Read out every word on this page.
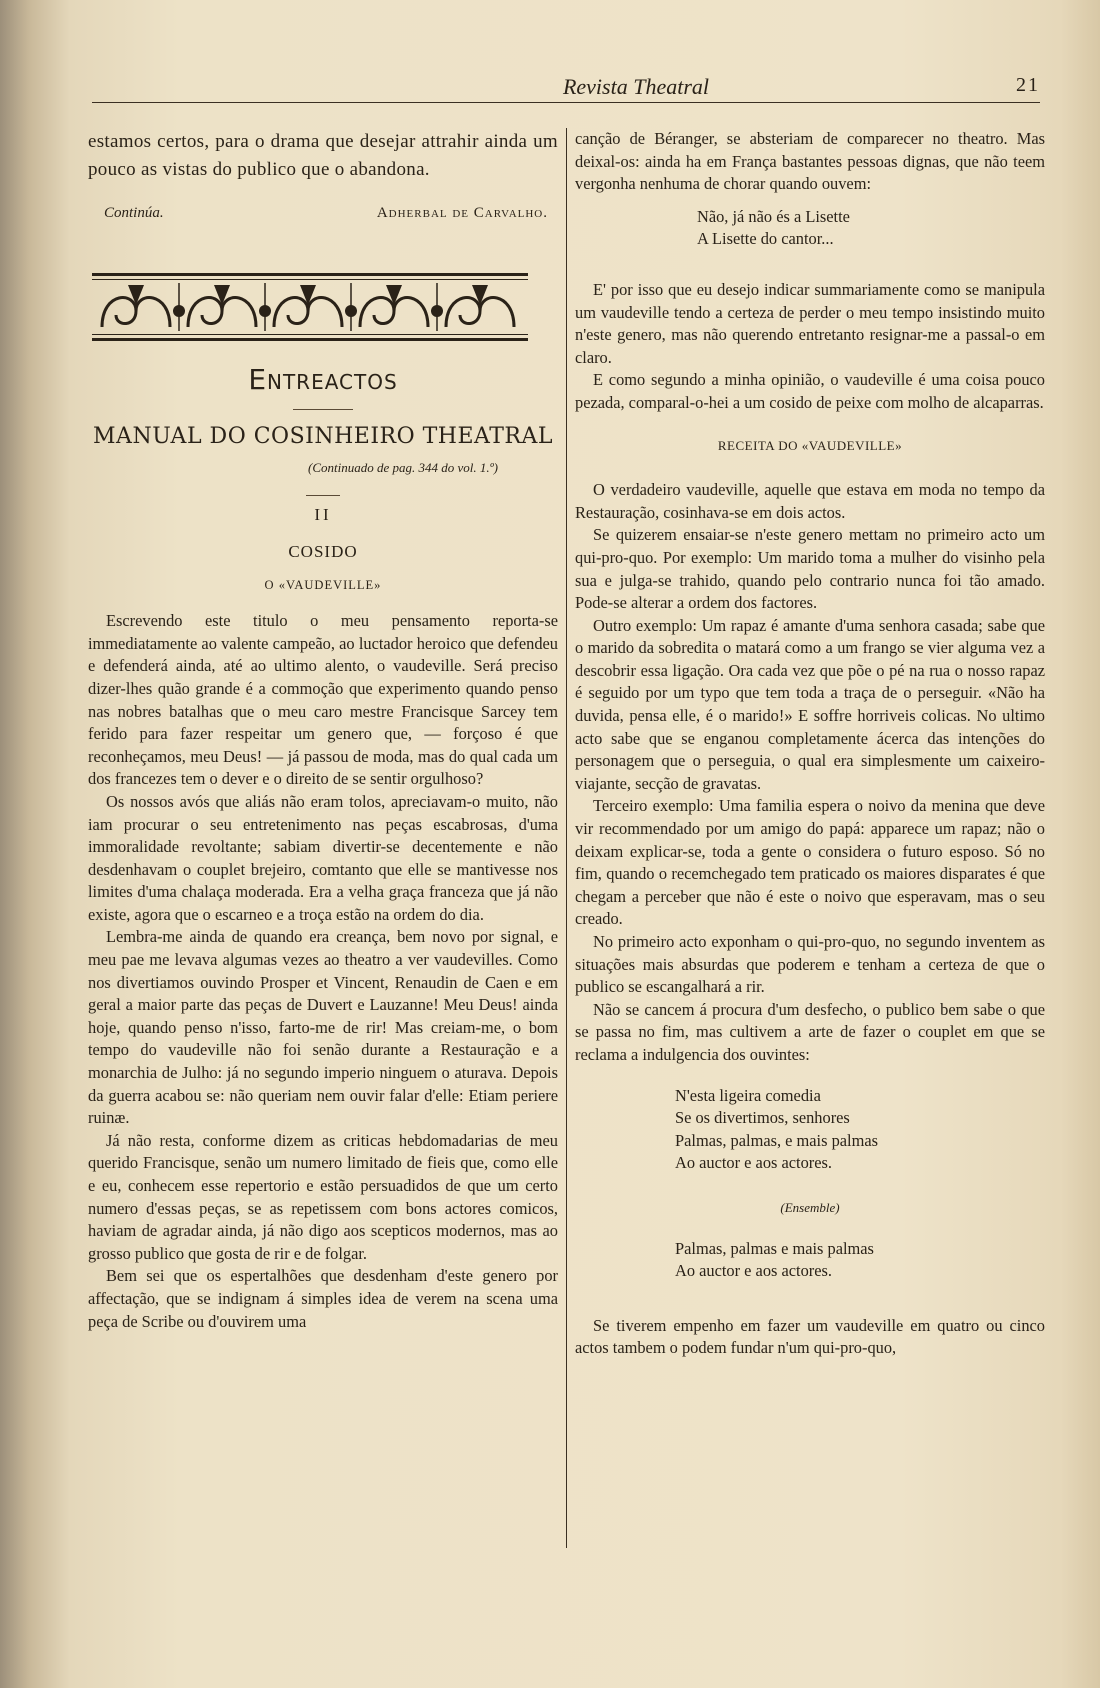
Revista Theatral	21

estamos certos, para o drama que desejar attrahir ainda um pouco as vistas do publico que o abandona.

Continúa.	Adherbal de Carvalho.
Entreactos
MANUAL DO COSINHEIRO THEATRAL
(Continuado de pag. 344 do vol. 1.º)
II
COSIDO
O «VAUDEVILLE»

Escrevendo este titulo o meu pensamento reporta-se immediatamente ao valente campeão, ao luctador heroico que defendeu e defenderá ainda, até ao ultimo alento, o vaudeville. Será preciso dizer-lhes quão grande é a commoção que experimento quando penso nas nobres batalhas que o meu caro mestre Francisque Sarcey tem ferido para fazer respeitar um genero que, — forçoso é que reconheçamos, meu Deus! — já passou de moda, mas do qual cada um dos francezes tem o dever e o direito de se sentir orgulhoso?

Os nossos avós que aliás não eram tolos, apreciavam-o muito, não iam procurar o seu entretenimento nas peças escabrosas, d'uma immoralidade revoltante; sabiam divertir-se decentemente e não desdenhavam o couplet brejeiro, comtanto que elle se mantivesse nos limites d'uma chalaça moderada. Era a velha graça franceza que já não existe, agora que o escarneo e a troça estão na ordem do dia.

Lembra-me ainda de quando era creança, bem novo por signal, e meu pae me levava algumas vezes ao theatro a ver vaudevilles. Como nos divertiamos ouvindo Prosper et Vincent, Renaudin de Caen e em geral a maior parte das peças de Duvert e Lauzanne! Meu Deus! ainda hoje, quando penso n'isso, farto-me de rir! Mas creiam-me, o bom tempo do vaudeville não foi senão durante a Restauração e a monarchia de Julho: já no segundo imperio ninguem o aturava. Depois da guerra acabou se: não queriam nem ouvir falar d'elle: Etiam periere ruinæ.

Já não resta, conforme dizem as criticas hebdomadarias de meu querido Francisque, senão um numero limitado de fieis que, como elle e eu, conhecem esse repertorio e estão persuadidos de que um certo numero d'essas peças, se as repetissem com bons actores comicos, haviam de agradar ainda, já não digo aos scepticos modernos, mas ao grosso publico que gosta de rir e de folgar.

Bem sei que os espertalhões que desdenham d'este genero por affectação, que se indignam á simples idea de verem na scena uma peça de Scribe ou d'ouvirem uma

canção de Béranger, se absteriam de comparecer no theatro. Mas deixal-os: ainda ha em França bastantes pessoas dignas, que não teem vergonha nenhuma de chorar quando ouvem:

Não, já não és a Lisette
A Lisette do cantor...

E' por isso que eu desejo indicar summariamente como se manipula um vaudeville tendo a certeza de perder o meu tempo insistindo muito n'este genero, mas não querendo entretanto resignar-me a passal-o em claro.

E como segundo a minha opinião, o vaudeville é uma coisa pouco pezada, comparal-o-hei a um cosido de peixe com molho de alcaparras.

RECEITA DO «VAUDEVILLE»

O verdadeiro vaudeville, aquelle que estava em moda no tempo da Restauração, cosinhava-se em dois actos.

Se quizerem ensaiar-se n'este genero mettam no primeiro acto um qui-pro-quo. Por exemplo: Um marido toma a mulher do visinho pela sua e julga-se trahido, quando pelo contrario nunca foi tão amado. Pode-se alterar a ordem dos factores.

Outro exemplo: Um rapaz é amante d'uma senhora casada; sabe que o marido da sobredita o matará como a um frango se vier alguma vez a descobrir essa ligação. Ora cada vez que põe o pé na rua o nosso rapaz é seguido por um typo que tem toda a traça de o perseguir. «Não ha duvida, pensa elle, é o marido!» E soffre horriveis colicas. No ultimo acto sabe que se enganou completamente ácerca das intenções do personagem que o perseguia, o qual era simplesmente um caixeiro-viajante, secção de gravatas.

Terceiro exemplo: Uma familia espera o noivo da menina que deve vir recommendado por um amigo do papá: apparece um rapaz; não o deixam explicar-se, toda a gente o considera o futuro esposo. Só no fim, quando o recemchegado tem praticado os maiores disparates é que chegam a perceber que não é este o noivo que esperavam, mas o seu creado.

No primeiro acto exponham o qui-pro-quo, no segundo inventem as situações mais absurdas que poderem e tenham a certeza de que o publico se escangalhará a rir.

Não se cancem á procura d'um desfecho, o publico bem sabe o que se passa no fim, mas cultivem a arte de fazer o couplet em que se reclama a indulgencia dos ouvintes:

N'esta ligeira comedia
Se os divertimos, senhores
Palmas, palmas, e mais palmas
Ao auctor e aos actores.
(Ensemble)
Palmas, palmas e mais palmas
Ao auctor e aos actores.

Se tiverem empenho em fazer um vaudeville em quatro ou cinco actos tambem o podem fundar n'um qui-pro-quo,
